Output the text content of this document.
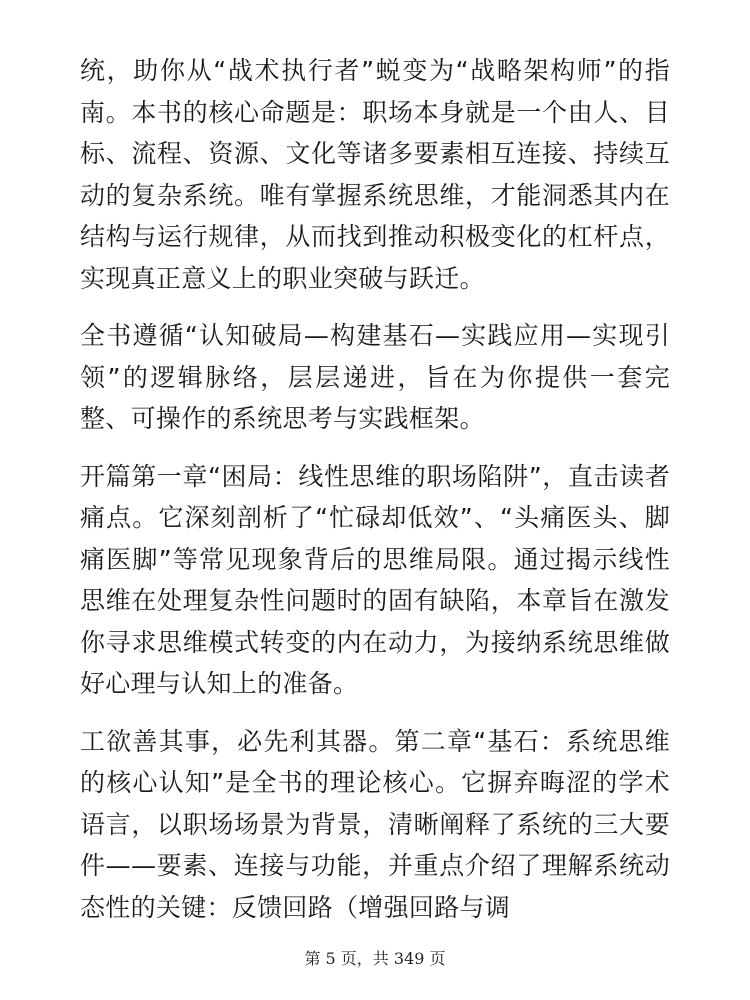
统，助你从“战术执行者”蜕变为“战略架构师”的指南。本书的核心命题是：职场本身就是一个由人、目标、流程、资源、文化等诸多要素相互连接、持续互动的复杂系统。唯有掌握系统思维，才能洞悉其内在结构与运行规律，从而找到推动积极变化的杠杆点，实现真正意义上的职业突破与跃迁。

全书遵循“认知破局—构建基石—实践应用—实现引领”的逻辑脉络，层层递进，旨在为你提供一套完整、可操作的系统思考与实践框架。

开篇第一章“困局：线性思维的职场陷阱”，直击读者痛点。它深刻剖析了“忙碌却低效”、“头痛医头、脚痛医脚”等常见现象背后的思维局限。通过揭示线性思维在处理复杂性问题时的固有缺陷，本章旨在激发你寻求思维模式转变的内在动力，为接纳系统思维做好心理与认知上的准备。

工欲善其事，必先利其器。第二章“基石：系统思维的核心认知”是全书的理论核心。它摒弃晦涩的学术语言，以职场场景为背景，清晰阐释了系统的三大要件——要素、连接与功能，并重点介绍了理解系统动态性的关键：反馈回路（增强回路与调

第 5 页，共 349 页
